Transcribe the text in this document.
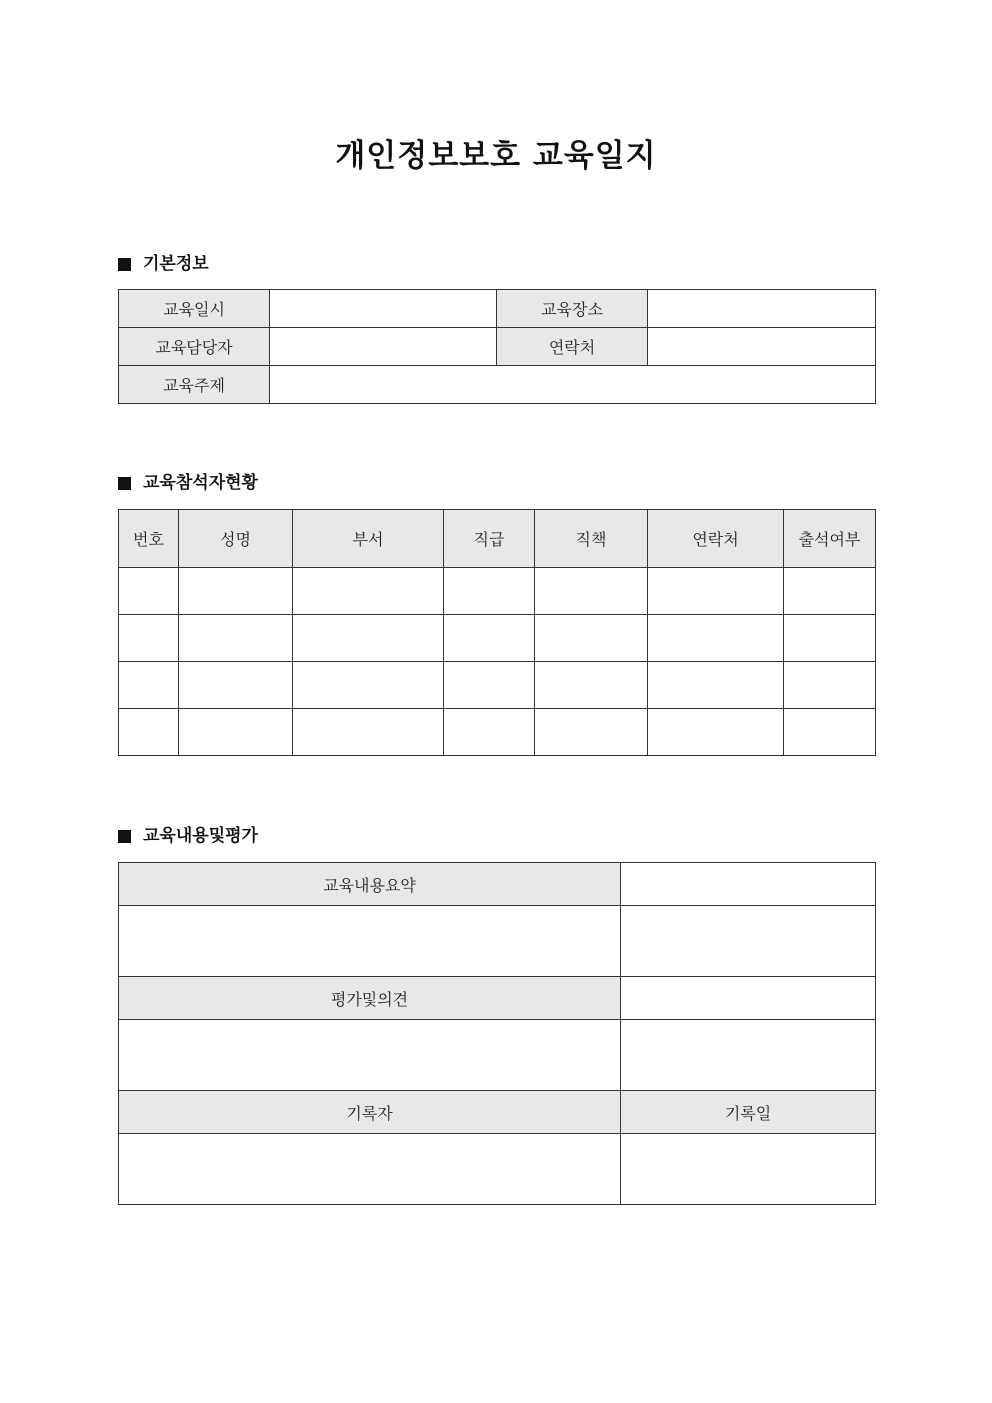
개인정보보호 교육일지
기본정보
교육일시		교육장소	
교육담당자		연락처	
교육주제			
교육참석자현황
번호	성명	부서	직급	직책	연락처	출석여부

교육내용및평가
교육내용요약	

평가및의견	

기록자	기록일
